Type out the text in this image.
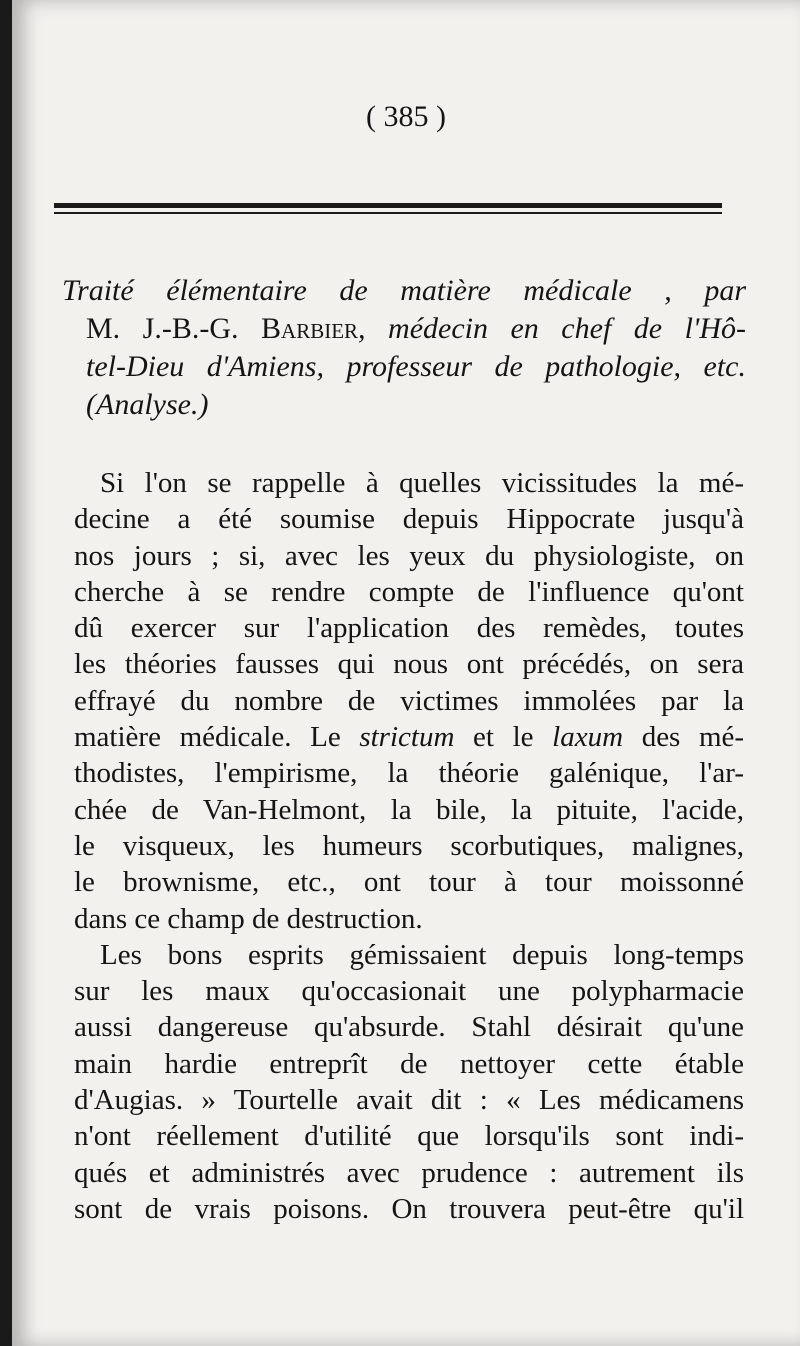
( 385 )
Traité élémentaire de matière médicale , par
M. J.-B.-G. Barbier, médecin en chef de l'Hô-
tel-Dieu d'Amiens, professeur de pathologie, etc.
(Analyse.)
Si l'on se rappelle à quelles vicissitudes la mé-
decine a été soumise depuis Hippocrate jusqu'à
nos jours ; si, avec les yeux du physiologiste, on
cherche à se rendre compte de l'influence qu'ont
dû exercer sur l'application des remèdes, toutes
les théories fausses qui nous ont précédés, on sera
effrayé du nombre de victimes immolées par la
matière médicale. Le strictum et le laxum des mé-
thodistes, l'empirisme, la théorie galénique, l'ar-
chée de Van-Helmont, la bile, la pituite, l'acide,
le visqueux, les humeurs scorbutiques, malignes,
le brownisme, etc., ont tour à tour moissonné
dans ce champ de destruction.
Les bons esprits gémissaient depuis long-temps
sur les maux qu'occasionait une polypharmacie
aussi dangereuse qu'absurde. Stahl désirait qu'une
main hardie entreprît de nettoyer cette étable
d'Augias. » Tourtelle avait dit : « Les médicamens
n'ont réellement d'utilité que lorsqu'ils sont indi-
qués et administrés avec prudence : autrement ils
sont de vrais poisons. On trouvera peut-être qu'il
